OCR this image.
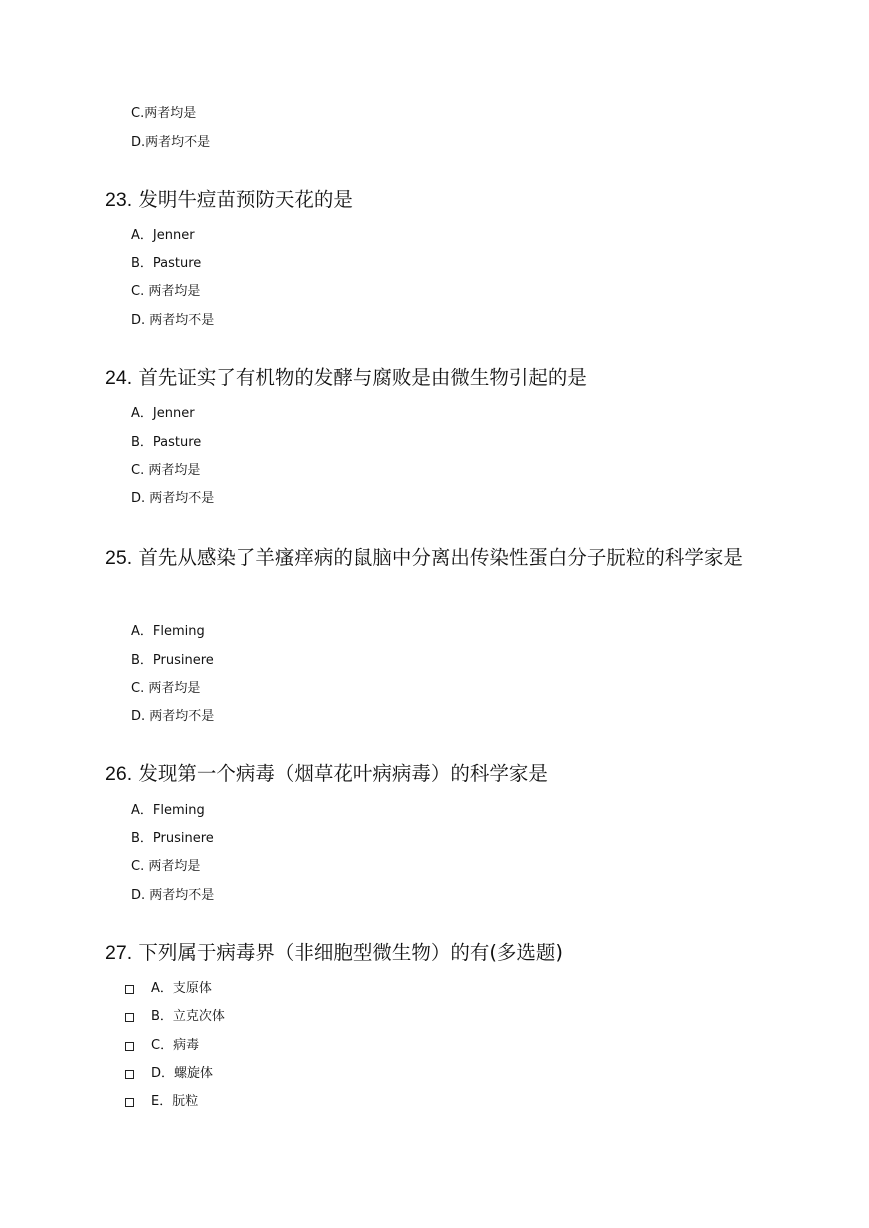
C.两者均是
D.两者均不是
23. 发明牛痘苗预防天花的是
A．Jenner
B．Pasture
C. 两者均是
D. 两者均不是
24. 首先证实了有机物的发酵与腐败是由微生物引起的是
A．Jenner
B．Pasture
C. 两者均是
D. 两者均不是
25. 首先从感染了羊瘙痒病的鼠脑中分离出传染性蛋白分子朊粒的科学家是
A．Fleming
B．Prusinere
C. 两者均是
D. 两者均不是
26. 发现第一个病毒（烟草花叶病病毒）的科学家是
A．Fleming
B．Prusinere
C. 两者均是
D. 两者均不是
27. 下列属于病毒界（非细胞型微生物）的有(多选题)
A．支原体
B．立克次体
C．病毒
D．螺旋体
E．朊粒
